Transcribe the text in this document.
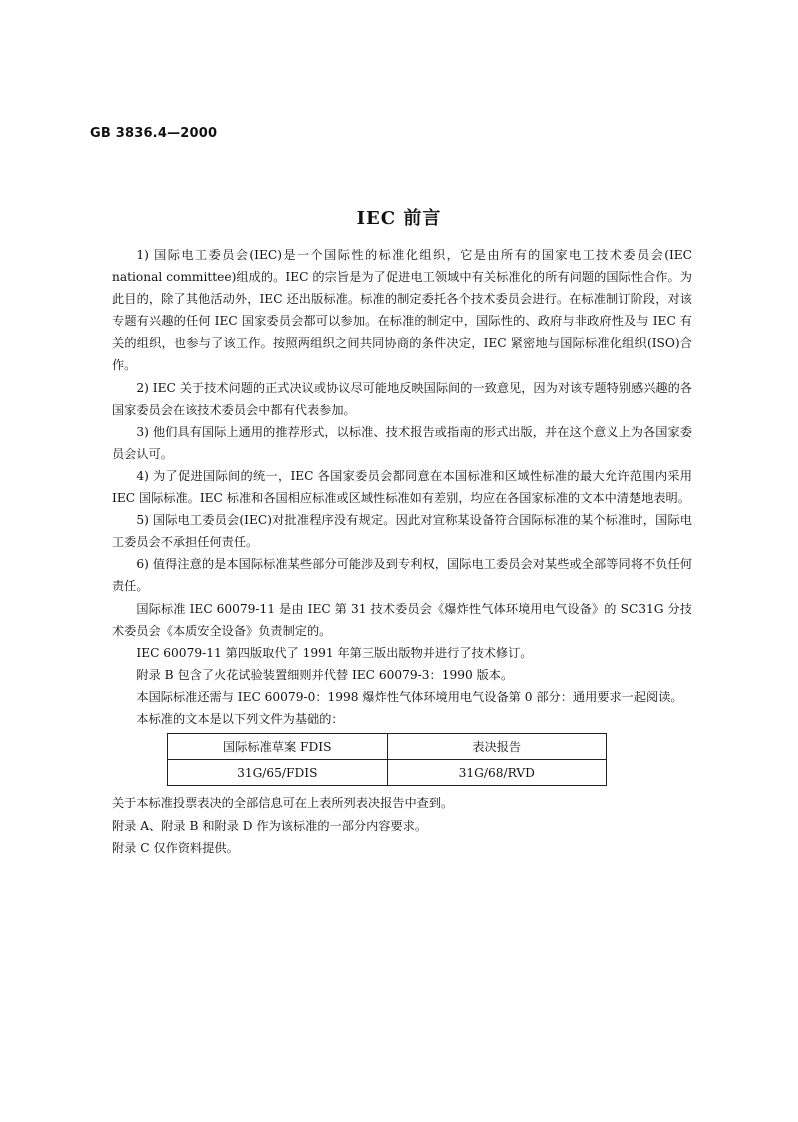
GB 3836.4—2000
IEC 前言

1) 国际电工委员会(IEC)是一个国际性的标准化组织，它是由所有的国家电工技术委员会(IEC national committee)组成的。IEC 的宗旨是为了促进电工领域中有关标准化的所有问题的国际性合作。为此目的，除了其他活动外，IEC 还出版标准。标准的制定委托各个技术委员会进行。在标准制订阶段，对该专题有兴趣的任何 IEC 国家委员会都可以参加。在标准的制定中，国际性的、政府与非政府性及与 IEC 有关的组织，也参与了该工作。按照两组织之间共同协商的条件决定，IEC 紧密地与国际标准化组织(ISO)合作。

2) IEC 关于技术问题的正式决议或协议尽可能地反映国际间的一致意见，因为对该专题特别感兴趣的各国家委员会在该技术委员会中都有代表参加。

3) 他们具有国际上通用的推荐形式，以标准、技术报告或指南的形式出版，并在这个意义上为各国家委员会认可。

4) 为了促进国际间的统一，IEC 各国家委员会都同意在本国标准和区域性标准的最大允许范围内采用 IEC 国际标准。IEC 标准和各国相应标准或区域性标准如有差别，均应在各国家标准的文本中清楚地表明。

5) 国际电工委员会(IEC)对批准程序没有规定。因此对宣称某设备符合国际标准的某个标准时，国际电工委员会不承担任何责任。

6) 值得注意的是本国际标准某些部分可能涉及到专利权，国际电工委员会对某些或全部等同将不负任何责任。

国际标准 IEC 60079-11 是由 IEC 第 31 技术委员会《爆炸性气体环境用电气设备》的 SC31G 分技术委员会《本质安全设备》负责制定的。

IEC 60079-11 第四版取代了 1991 年第三版出版物并进行了技术修订。

附录 B 包含了火花试验装置细则并代替 IEC 60079-3：1990 版本。

本国际标准还需与 IEC 60079-0：1998 爆炸性气体环境用电气设备第 0 部分：通用要求一起阅读。

本标准的文本是以下列文件为基础的：

国际标准草案 FDIS	表决报告
31G/65/FDIS	31G/68/RVD

关于本标准投票表决的全部信息可在上表所列表决报告中查到。

附录 A、附录 B 和附录 D 作为该标准的一部分内容要求。

附录 C 仅作资料提供。
